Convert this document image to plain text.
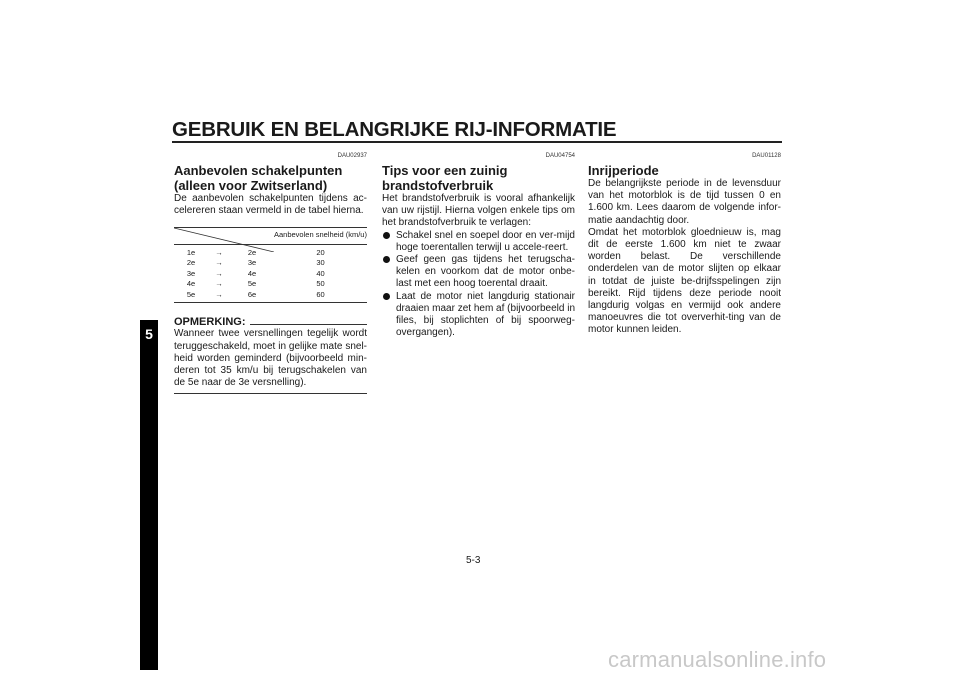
GEBRUIK EN BELANGRIJKE RIJ-INFORMATIE
5
DAU02937
Aanbevolen schakelpunten (alleen voor Zwitserland)
De aanbevolen schakelpunten tijdens ac-celereren staan vermeld in de tabel hierna.
	Aanbevolen snelheid (km/u)
1e	→	2e	20
2e	→	3e	30
3e	→	4e	40
4e	→	5e	50
5e	→	6e	60
OPMERKING:
Wanneer twee versnellingen tegelijk wordt teruggeschakeld, moet in gelijke mate snel-heid worden geminderd (bijvoorbeeld min-deren tot 35 km/u bij terugschakelen van de 5e naar de 3e versnelling).
DAU04754
Tips voor een zuinig brandstofverbruik
Het brandstofverbruik is vooral afhankelijk van uw rijstijl. Hierna volgen enkele tips om het brandstofverbruik te verlagen:
Schakel snel en soepel door en ver-mijd hoge toerentallen terwijl u accele-reert.
Geef geen gas tijdens het terugscha-kelen en voorkom dat de motor onbe-last met een hoog toerental draait.
Laat de motor niet langdurig stationair draaien maar zet hem af (bijvoorbeeld in files, bij stoplichten of bij spoorweg-overgangen).
DAU01128
Inrijperiode
De belangrijkste periode in de levensduur van het motorblok is de tijd tussen 0 en 1.600 km. Lees daarom de volgende infor-matie aandachtig door.
Omdat het motorblok gloednieuw is, mag dit de eerste 1.600 km niet te zwaar worden belast. De verschillende onderdelen van de motor slijten op elkaar in totdat de juiste be-drijfsspelingen zijn bereikt. Rijd tijdens deze periode nooit langdurig volgas en vermijd ook andere manoeuvres die tot oververhit-ting van de motor kunnen leiden.
5-3
carmanualsonline.info
